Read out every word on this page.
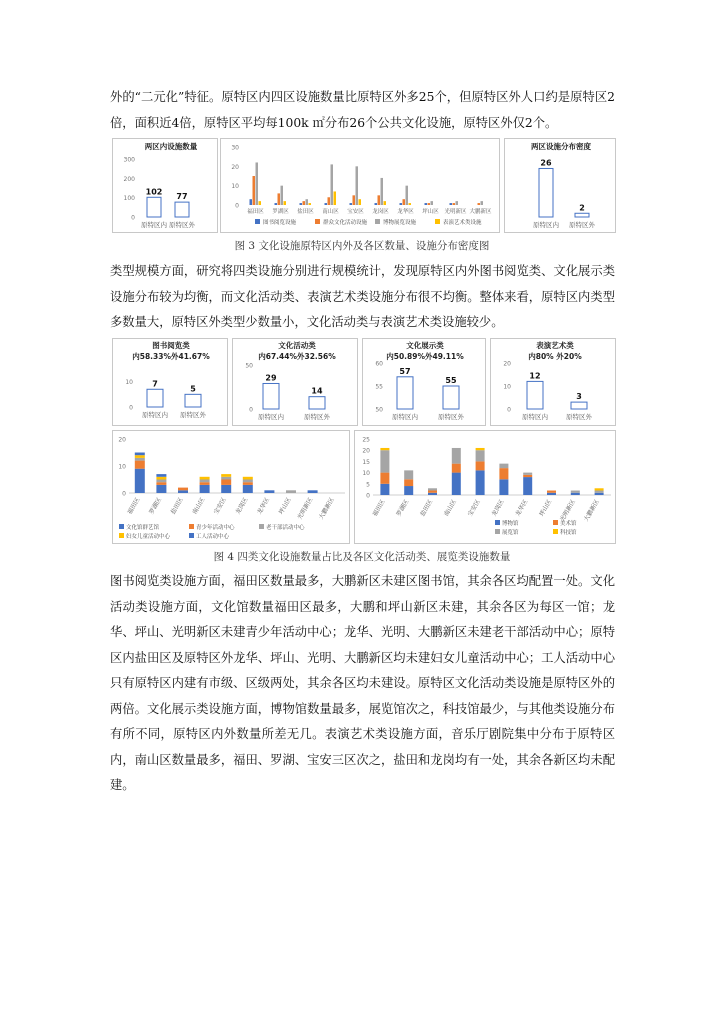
外的“二元化”特征。原特区内四区设施数量比原特区外多25个，但原特区外人口约是原特区2倍，面积近4倍，原特区平均每100k ㎡分布26个公共文化设施，原特区外仅2个。

两区内设施数量
300
200
100
0
102
原特区内
77
原特区外
30
20
10
0
福田区 罗湖区 盐田区 南山区 宝安区 龙岗区 龙华区 坪山区 光明新区 大鹏新区
图书阅览设施	群众文化活动设施	博物展览设施	表演艺术类设施
两区设施分布密度
26
原特区内
2
原特区外
图 3 文化设施原特区内外及各区数量、设施分布密度图

类型规模方面，研究将四类设施分别进行规模统计，发现原特区内外图书阅览类、文化展示类设施分布较为均衡，而文化活动类、表演艺术类设施分布很不均衡。整体来看，原特区内类型多数量大，原特区外类型少数量小，文化活动类与表演艺术类设施较少。

图书阅览类
内58.33%外41.67%
10
0
7
原特区内
5
原特区外
文化活动类
内67.44%外32.56%
50
0
29
原特区内
14
原特区外
文化展示类
内50.89%外49.11%
60
55
50
57
原特区内
55
原特区外
表演艺术类
内80% 外20%
20
10
0
12
原特区内
3
原特区外
20
10
0
福田区 罗湖区 盐田区 南山区 宝安区 龙岗区 龙华区 坪山区 光明新区 大鹏新区
文化馆群艺馆	青少年活动中心	老干部活动中心
妇女儿童活动中心	工人活动中心
25
20
15
10
5
0
福田区 罗湖区 盐田区 南山区 宝安区 龙岗区 龙华区 坪山区 光明新区 大鹏新区
博物馆	美术馆
展览馆	科技馆
图 4 四类文化设施数量占比及各区文化活动类、展览类设施数量

图书阅览类设施方面，福田区数量最多，大鹏新区未建区图书馆，其余各区均配置一处。文化活动类设施方面，文化馆数量福田区最多，大鹏和坪山新区未建，其余各区为每区一馆；龙华、坪山、光明新区未建青少年活动中心；龙华、光明、大鹏新区未建老干部活动中心；原特区内盐田区及原特区外龙华、坪山、光明、大鹏新区均未建妇女儿童活动中心；工人活动中心只有原特区内建有市级、区级两处，其余各区均未建设。原特区文化活动类设施是原特区外的两倍。文化展示类设施方面，博物馆数量最多，展览馆次之，科技馆最少，与其他类设施分布有所不同，原特区内外数量所差无几。表演艺术类设施方面，音乐厅剧院集中分布于原特区内，南山区数量最多，福田、罗湖、宝安三区次之，盐田和龙岗均有一处，其余各新区均未配建。
